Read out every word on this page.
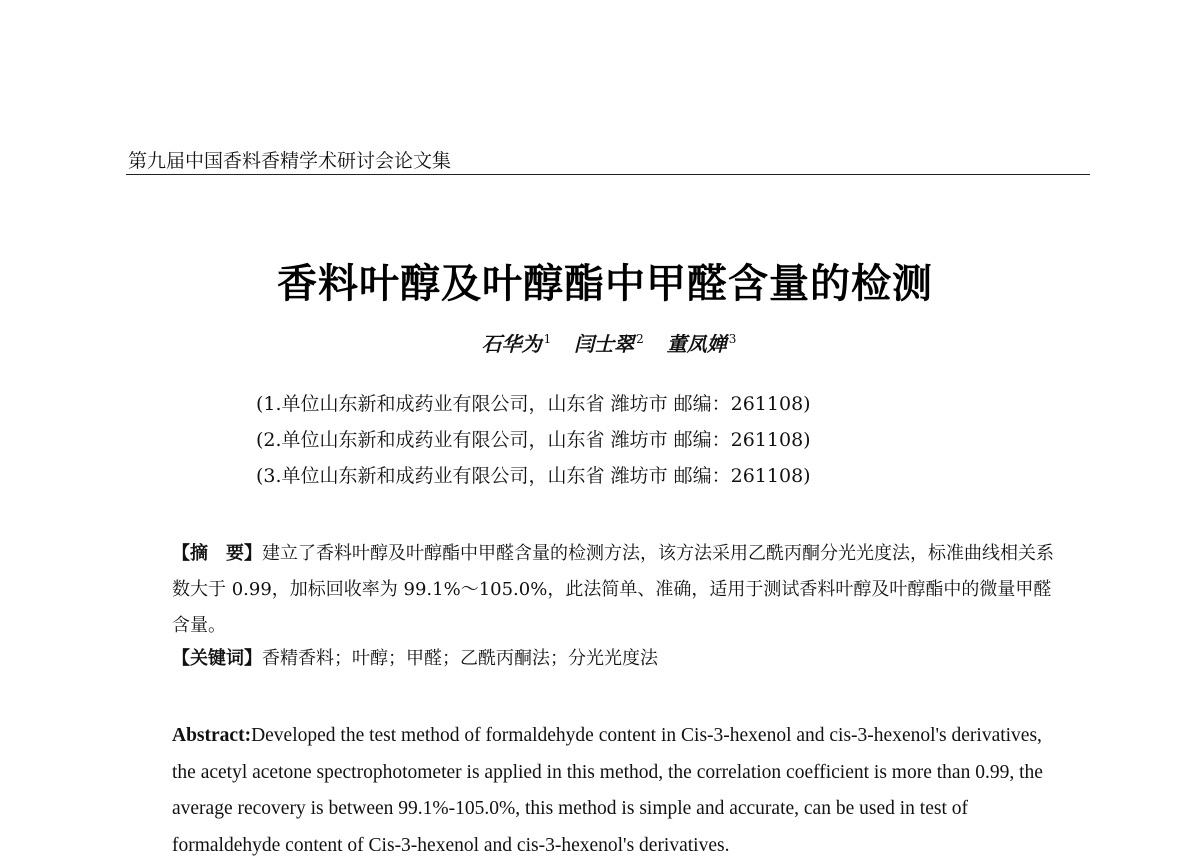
第九届中国香料香精学术研讨会论文集
香料叶醇及叶醇酯中甲醛含量的检测
石华为 $^1$ 闫士翠 $^2$ 董凤婵 $^3$
(1.单位山东新和成药业有限公司，山东省 潍坊市 邮编：261108)
(2.单位山东新和成药业有限公司，山东省 潍坊市 邮编：261108)
(3.单位山东新和成药业有限公司，山东省 潍坊市 邮编：261108)
【摘　要】建立了香料叶醇及叶醇酯中甲醛含量的检测方法，该方法采用乙酰丙酮分光光度法，标准曲线相关系数大于 0.99，加标回收率为 99.1%～105.0%，此法简单、准确，适用于测试香料叶醇及叶醇酯中的微量甲醛含量。
【关键词】香精香料；叶醇；甲醛；乙酰丙酮法；分光光度法
Abstract:Developed the test method of formaldehyde content in Cis-3-hexenol and cis-3-hexenol's derivatives, the acetyl acetone spectrophotometer is applied in this method, the correlation coefficient is more than 0.99, the average recovery is between 99.1%-105.0%, this method is simple and accurate, can be used in test of formaldehyde content of Cis-3-hexenol and cis-3-hexenol's derivatives.
